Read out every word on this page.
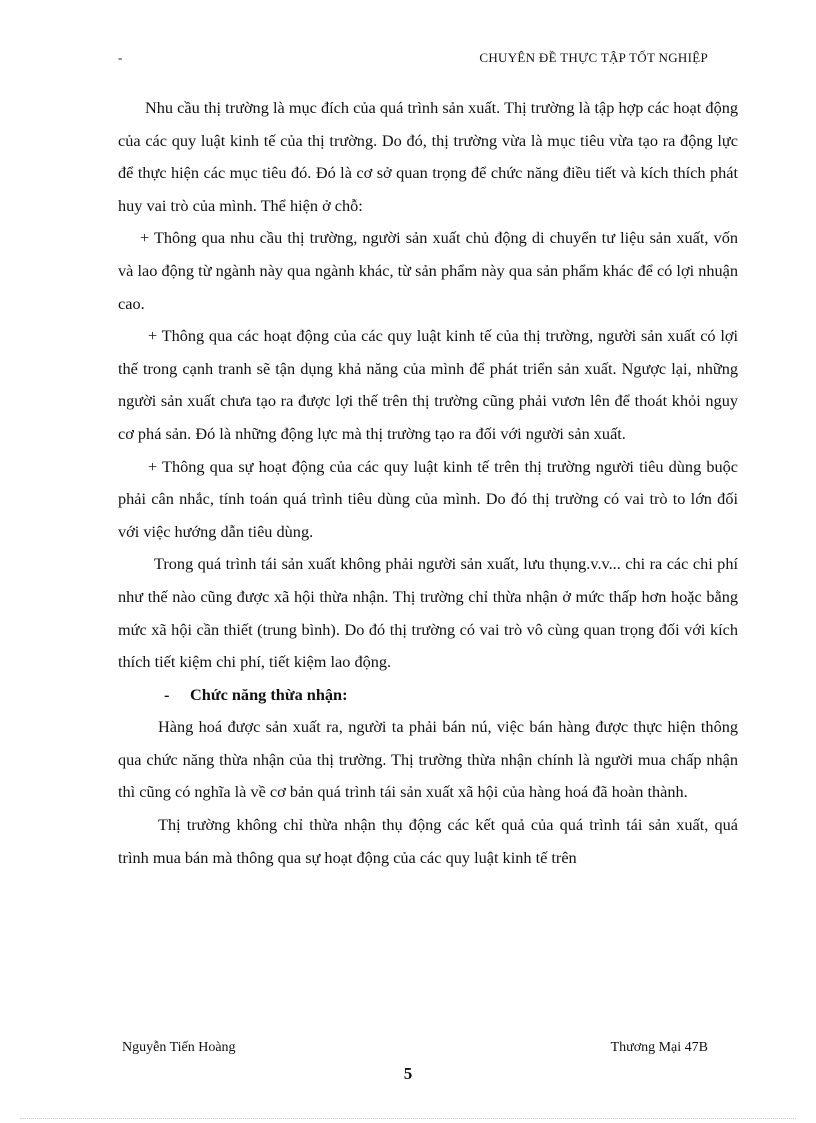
-	CHUYÊN ĐỀ THỰC TẬP TỐT NGHIỆP

Nhu cầu thị trường là mục đích của quá trình sản xuất. Thị trường là tập hợp các hoạt động của các quy luật kinh tế của thị trường. Do đó, thị trường vừa là mục tiêu vừa tạo ra động lực để thực hiện các mục tiêu đó. Đó là cơ sở quan trọng để chức năng điều tiết và kích thích phát huy vai trò của mình. Thể hiện ở chỗ:

+ Thông qua nhu cầu thị trường, người sản xuất chủ động di chuyển tư liệu sản xuất, vốn và lao động từ ngành này qua ngành khác, từ sản phẩm này qua sản phẩm khác để có lợi nhuận cao.

+ Thông qua các hoạt động của các quy luật kinh tế của thị trường, người sản xuất có lợi thế trong cạnh tranh sẽ tận dụng khả năng của mình để phát triển sản xuất. Ngược lại, những người sản xuất chưa tạo ra được lợi thế trên thị trường cũng phải vươn lên để thoát khỏi nguy cơ phá sản. Đó là những động lực mà thị trường tạo ra đối với người sản xuất.

+ Thông qua sự hoạt động của các quy luật kinh tế trên thị trường người tiêu dùng buộc phải cân nhắc, tính toán quá trình tiêu dùng của mình. Do đó thị trường có vai trò to lớn đối với việc hướng dẫn tiêu dùng.

Trong quá trình tái sản xuất không phải người sản xuất, lưu thụng.v.v... chi ra các chi phí như thế nào cũng được xã hội thừa nhận. Thị trường chỉ thừa nhận ở mức thấp hơn hoặc bằng mức xã hội cần thiết (trung bình). Do đó thị trường có vai trò vô cùng quan trọng đối với kích thích tiết kiệm chi phí, tiết kiệm lao động.

- Chức năng thừa nhận:

Hàng hoá được sản xuất ra, người ta phải bán nú, việc bán hàng được thực hiện thông qua chức năng thừa nhận của thị trường. Thị trường thừa nhận chính là người mua chấp nhận thì cũng có nghĩa là về cơ bản quá trình tái sản xuất xã hội của hàng hoá đã hoàn thành.

Thị trường không chỉ thừa nhận thụ động các kết quả của quá trình tái sản xuất, quá trình mua bán mà thông qua sự hoạt động của các quy luật kinh tế trên

Nguyễn Tiến Hoàng	Thương Mại 47B
5
